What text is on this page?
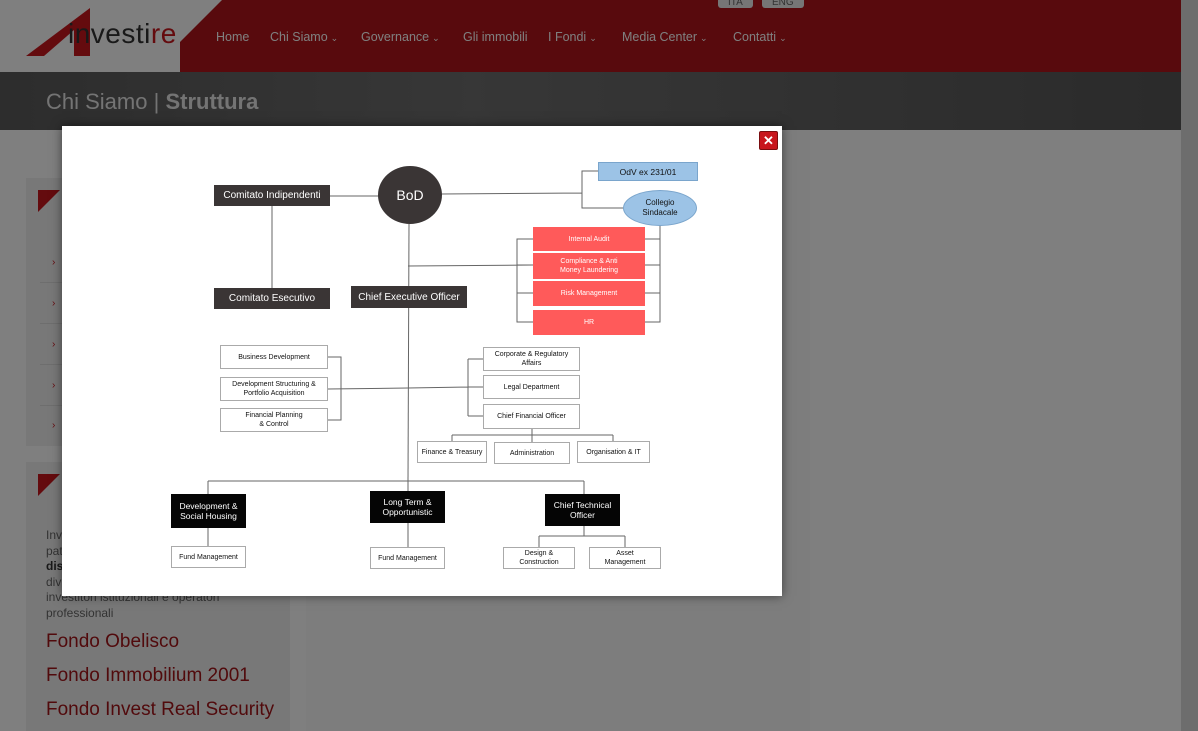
✕
BoD
Comitato Indipendenti
Comitato Esecutivo	Chief Executive Officer
OdV ex 231/01
Collegio
Sindacale
Internal Audit
Compliance & Anti
Money Laundering
Risk Management
HR
Business Development
Development Structuring &
Portfolio Acquisition
Financial Planning
& Control
Corporate & Regulatory
Affairs
Legal Department
Chief Financial Officer
Finance & Treasury	Administration	Organisation & IT
Development &
Social Housing
Long Term &
Opportunistic
Chief Technical
Officer
Fund Management	Fund Management
Design &
Construction
Asset
Management
